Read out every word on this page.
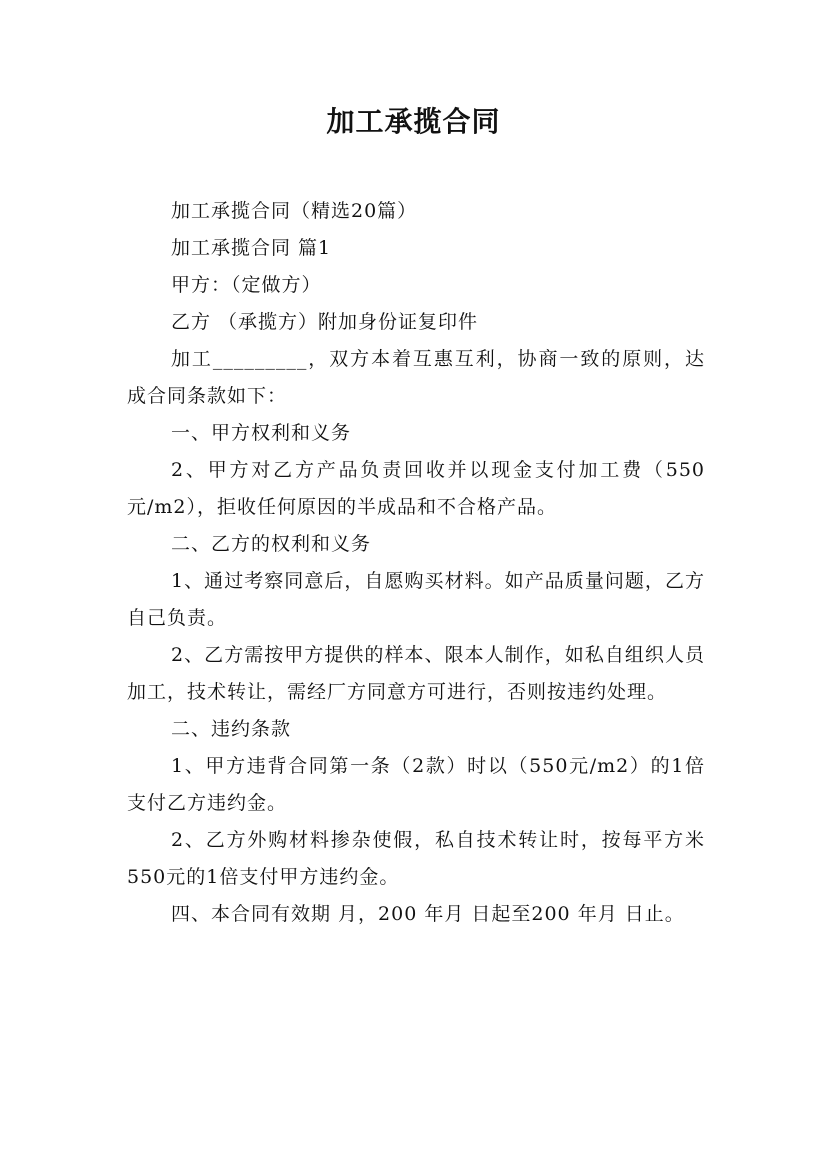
加工承揽合同

加工承揽合同（精选20篇）

加工承揽合同 篇1

甲方：（定做方）

乙方 （承揽方）附加身份证复印件

加工_________，双方本着互惠互利，协商一致的原则，达成合同条款如下：

一、甲方权利和义务

2、甲方对乙方产品负责回收并以现金支付加工费（550元/m2），拒收任何原因的半成品和不合格产品。

二、乙方的权利和义务

1、通过考察同意后，自愿购买材料。如产品质量问题，乙方自己负责。

2、乙方需按甲方提供的样本、限本人制作，如私自组织人员加工，技术转让，需经厂方同意方可进行，否则按违约处理。

二、违约条款

1、甲方违背合同第一条（2款）时以（550元/m2）的1倍支付乙方违约金。

2、乙方外购材料掺杂使假，私自技术转让时，按每平方米550元的1倍支付甲方违约金。

四、本合同有效期 月，200 年月 日起至200 年月 日止。
